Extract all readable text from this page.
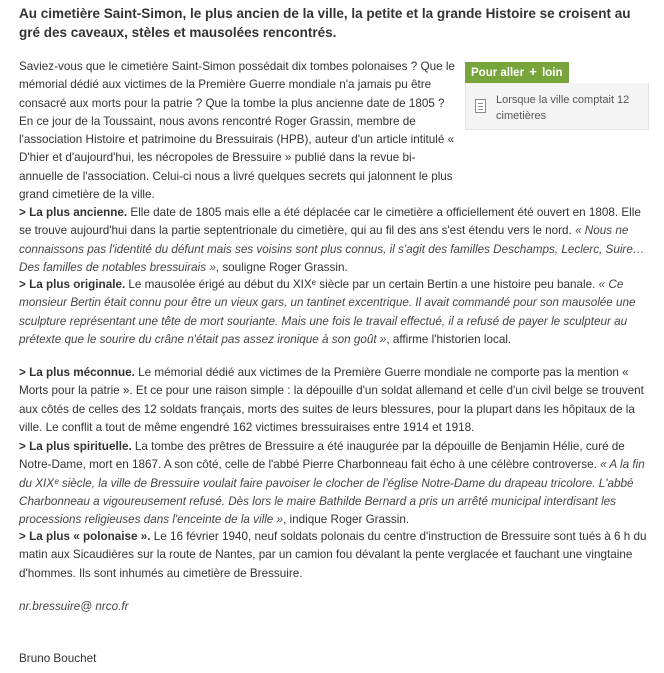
Au cimetière Saint-Simon, le plus ancien de la ville, la petite et la grande Histoire se croisent au gré des caveaux, stèles et mausolées rencontrés.

Saviez-vous que le cimetière Saint-Simon possédait dix tombes polonaises ? Que le mémorial dédié aux victimes de la Première Guerre mondiale n'a jamais pu être consacré aux morts pour la patrie ? Que la tombe la plus ancienne date de 1805 ? En ce jour de la Toussaint, nous avons rencontré Roger Grassin, membre de l'association Histoire et patrimoine du Bressuirais (HPB), auteur d'un article intitulé « D'hier et d'aujourd'hui, les nécropoles de Bressuire » publié dans la revue bi-annuelle de l'association. Celui-ci nous a livré quelques secrets qui jalonnent le plus grand cimetière de la ville.

Pour aller + loin
Lorsque la ville comptait 12 cimetières

> La plus ancienne. Elle date de 1805 mais elle a été déplacée car le cimetière a officiellement été ouvert en 1808. Elle se trouve aujourd'hui dans la partie septentrionale du cimetière, qui au fil des ans s'est étendu vers le nord. « Nous ne connaissons pas l'identité du défunt mais ses voisins sont plus connus, il s'agit des familles Deschamps, Leclerc, Suire… Des familles de notables bressuirais », souligne Roger Grassin.

> La plus originale. Le mausolée érigé au début du XIXᵉ siècle par un certain Bertin a une histoire peu banale. « Ce monsieur Bertin était connu pour être un vieux gars, un tantinet excentrique. Il avait commandé pour son mausolée une sculpture représentant une tête de mort souriante. Mais une fois le travail effectué, il a refusé de payer le sculpteur au prétexte que le sourire du crâne n'était pas assez ironique à son goût », affirme l'historien local.

> La plus méconnue. Le mémorial dédié aux victimes de la Première Guerre mondiale ne comporte pas la mention « Morts pour la patrie ». Et ce pour une raison simple : la dépouille d'un soldat allemand et celle d'un civil belge se trouvent aux côtés de celles des 12 soldats français, morts des suites de leurs blessures, pour la plupart dans les hôpitaux de la ville. Le conflit a tout de même engendré 162 victimes bressuiraises entre 1914 et 1918.

> La plus spirituelle. La tombe des prêtres de Bressuire a été inaugurée par la dépouille de Benjamin Hélie, curé de Notre-Dame, mort en 1867. A son côté, celle de l'abbé Pierre Charbonneau fait écho à une célèbre controverse. « A la fin du XIXᵉ siècle, la ville de Bressuire voulait faire pavoiser le clocher de l'église Notre-Dame du drapeau tricolore. L'abbé Charbonneau a vigoureusement refusé. Dès lors le maire Bathilde Bernard a pris un arrêté municipal interdisant les processions religieuses dans l'enceinte de la ville », indique Roger Grassin.

> La plus « polonaise ». Le 16 février 1940, neuf soldats polonais du centre d'instruction de Bressuire sont tués à 6 h du matin aux Sicaudières sur la route de Nantes, par un camion fou dévalant la pente verglacée et fauchant une vingtaine d'hommes. Ils sont inhumés au cimetière de Bressuire.

nr.bressuire@ nrco.fr
Bruno Bouchet
